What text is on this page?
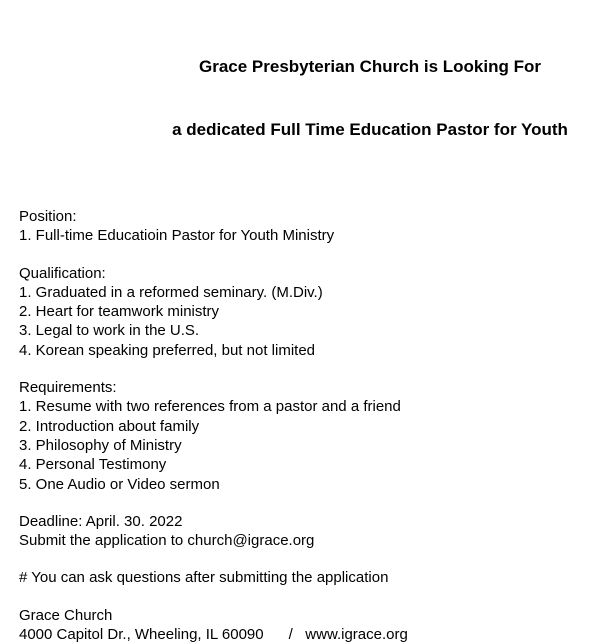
Grace Presbyterian Church is Looking For

a dedicated Full Time Education Pastor for Youth

Position:
1. Full-time Educatioin Pastor for Youth Ministry
Qualification:
1. Graduated in a reformed seminary. (M.Div.)
2. Heart for teamwork ministry
3. Legal to work in the U.S.
4. Korean speaking preferred, but not limited
Requirements:
1. Resume with two references from a pastor and a friend
2. Introduction about family
3. Philosophy of Ministry
4. Personal Testimony
5. One Audio or Video sermon
Deadline: April. 30. 2022
Submit the application to church@igrace.org
# You can ask questions after submitting the application
Grace Church
4000 Capitol Dr., Wheeling, IL 60090      /   www.igrace.org
